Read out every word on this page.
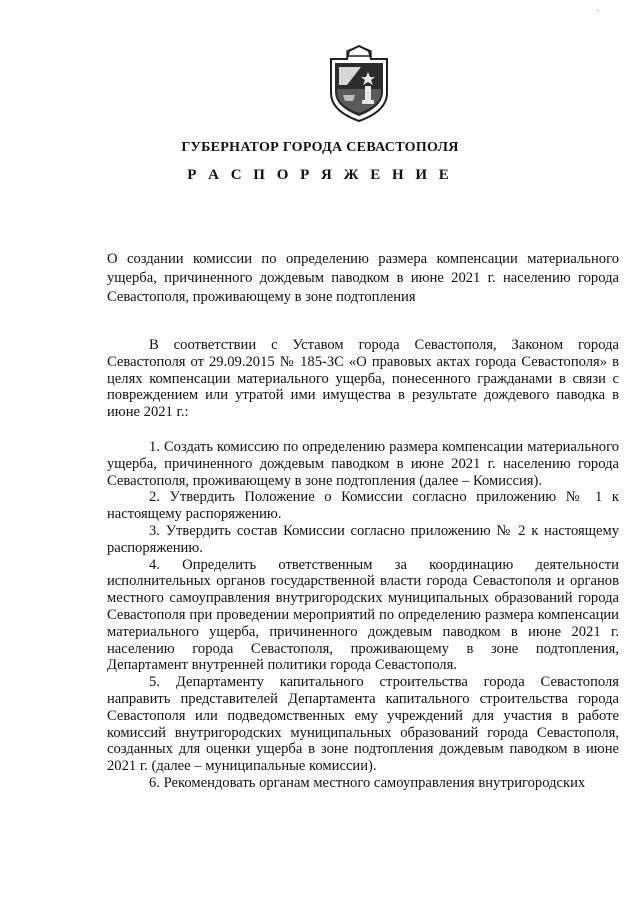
.
ГУБЕРНАТОР ГОРОДА СЕВАСТОПОЛЯ
Р А С П О Р Я Ж Е Н И Е
О создании комиссии по определению размера компенсации материального ущерба, причиненного дождевым паводком в июне 2021 г. населению города Севастополя, проживающему в зоне подтопления

В соответствии с Уставом города Севастополя, Законом города Севастополя от 29.09.2015 № 185-ЗС «О правовых актах города Севастополя» в целях компенсации материального ущерба, понесенного гражданами в связи с повреждением или утратой ими имущества в результате дождевого паводка в июне 2021 г.:

1. Создать комиссию по определению размера компенсации материального ущерба, причиненного дождевым паводком в июне 2021 г. населению города Севастополя, проживающему в зоне подтопления (далее – Комиссия).

2. Утвердить Положение о Комиссии согласно приложению № 1 к настоящему распоряжению.

3. Утвердить состав Комиссии согласно приложению № 2 к настоящему распоряжению.

4. Определить ответственным за координацию деятельности исполнительных органов государственной власти города Севастополя и органов местного самоуправления внутригородских муниципальных образований города Севастополя при проведении мероприятий по определению размера компенсации материального ущерба, причиненного дождевым паводком в июне 2021 г. населению города Севастополя, проживающему в зоне подтопления, Департамент внутренней политики города Севастополя.

5. Департаменту капитального строительства города Севастополя направить представителей Департамента капитального строительства города Севастополя или подведомственных ему учреждений для участия в работе комиссий внутригородских муниципальных образований города Севастополя, созданных для оценки ущерба в зоне подтопления дождевым паводком в июне 2021 г. (далее – муниципальные комиссии).

6. Рекомендовать органам местного самоуправления внутригородских
